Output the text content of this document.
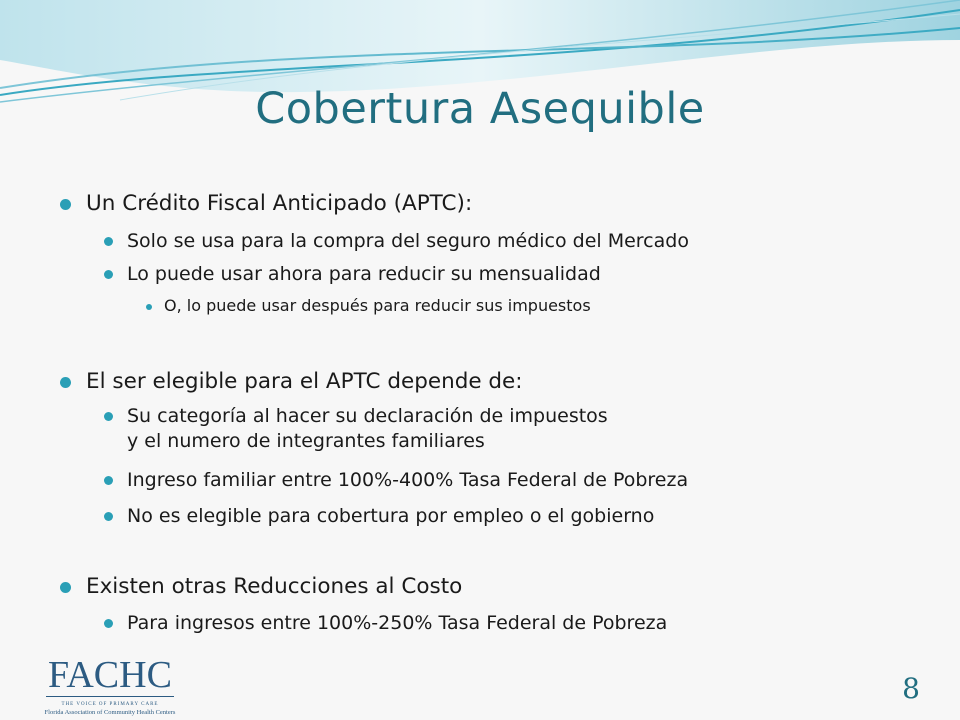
Cobertura Asequible
Un Crédito Fiscal Anticipado (APTC):
Solo se usa para la compra del seguro médico del Mercado
Lo puede usar ahora para reducir su mensualidad
O, lo puede usar después para reducir sus impuestos
El ser elegible para el APTC depende de:
Su categoría al hacer su declaración de impuestos
y el numero de integrantes familiares
Ingreso familiar entre 100%-400% Tasa Federal de Pobreza
No es elegible para cobertura por empleo o el gobierno
Existen otras Reducciones al Costo
Para ingresos entre 100%-250% Tasa Federal de Pobreza
FACHC
THE VOICE OF PRIMARY CARE
Florida Association of Community Health Centers
8
